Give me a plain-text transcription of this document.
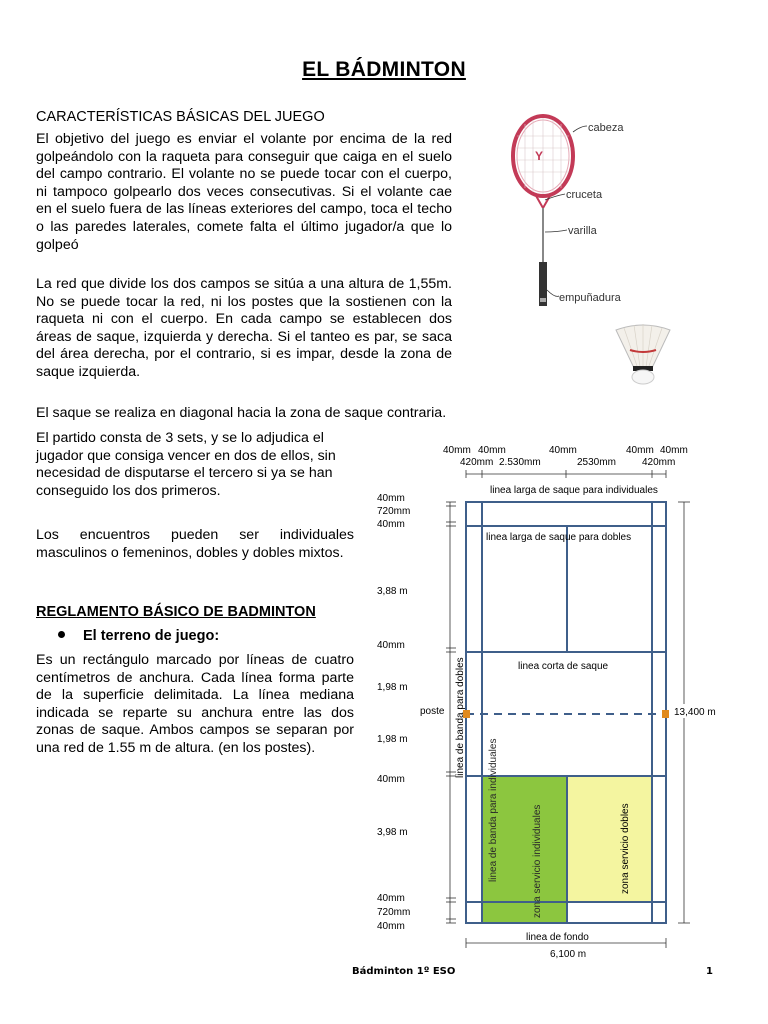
EL BÁDMINTON
CARACTERÍSTICAS BÁSICAS DEL JUEGO
El objetivo del juego es enviar el volante por encima de la red golpeándolo con la raqueta para conseguir que caiga en el suelo del campo contrario. El volante no se puede tocar con el cuerpo, ni tampoco golpearlo dos veces consecutivas. Si el volante cae en el suelo fuera de las líneas exteriores del campo, toca el techo o las paredes laterales, comete falta el último jugador/a que lo golpeó
La red que divide los dos campos se sitúa a una altura de 1,55m. No se puede tocar la red, ni los postes que la sostienen con la raqueta ni con el cuerpo. En cada campo se establecen dos áreas de saque, izquierda y derecha. Si el tanteo es par, se saca del área derecha, por el contrario, si es impar, desde la zona de saque izquierda.
El saque se realiza en diagonal hacia la zona de saque contraria.
El partido consta de 3 sets, y se lo adjudica el jugador que consiga vencer en dos de ellos, sin necesidad de disputarse el tercero si ya se han conseguido los dos primeros.
Los encuentros pueden ser individuales masculinos o femeninos, dobles y dobles mixtos.
REGLAMENTO BÁSICO DE BADMINTON
El terreno de juego:
Es un rectángulo marcado por líneas de cuatro centímetros de anchura. Cada línea forma parte de la superficie delimitada. La línea mediana indicada se reparte su anchura entre las dos zonas de saque. Ambos campos se separan por una red de 1.55 m de altura. (en los postes).
Y
cabeza
cruceta
varilla
empuñadura
40mm 40mm	40mm	40mm 40mm
420mm 2.530mm	2530mm	420mm
40mm
720mm
40mm
3,88 m
40mm
1,98 m
1,98 m
40mm
3,98 m
40mm
720mm
40mm
linea larga de saque para individuales
linea larga de saque para dobles
linea corta de saque
poste	13,400 m
linea de fondo
6,100 m
linea de banda para dobles
linea de banda para individuales	zona servicio individuales	zona servicio dobles
Bádminton 1º ESO	1
